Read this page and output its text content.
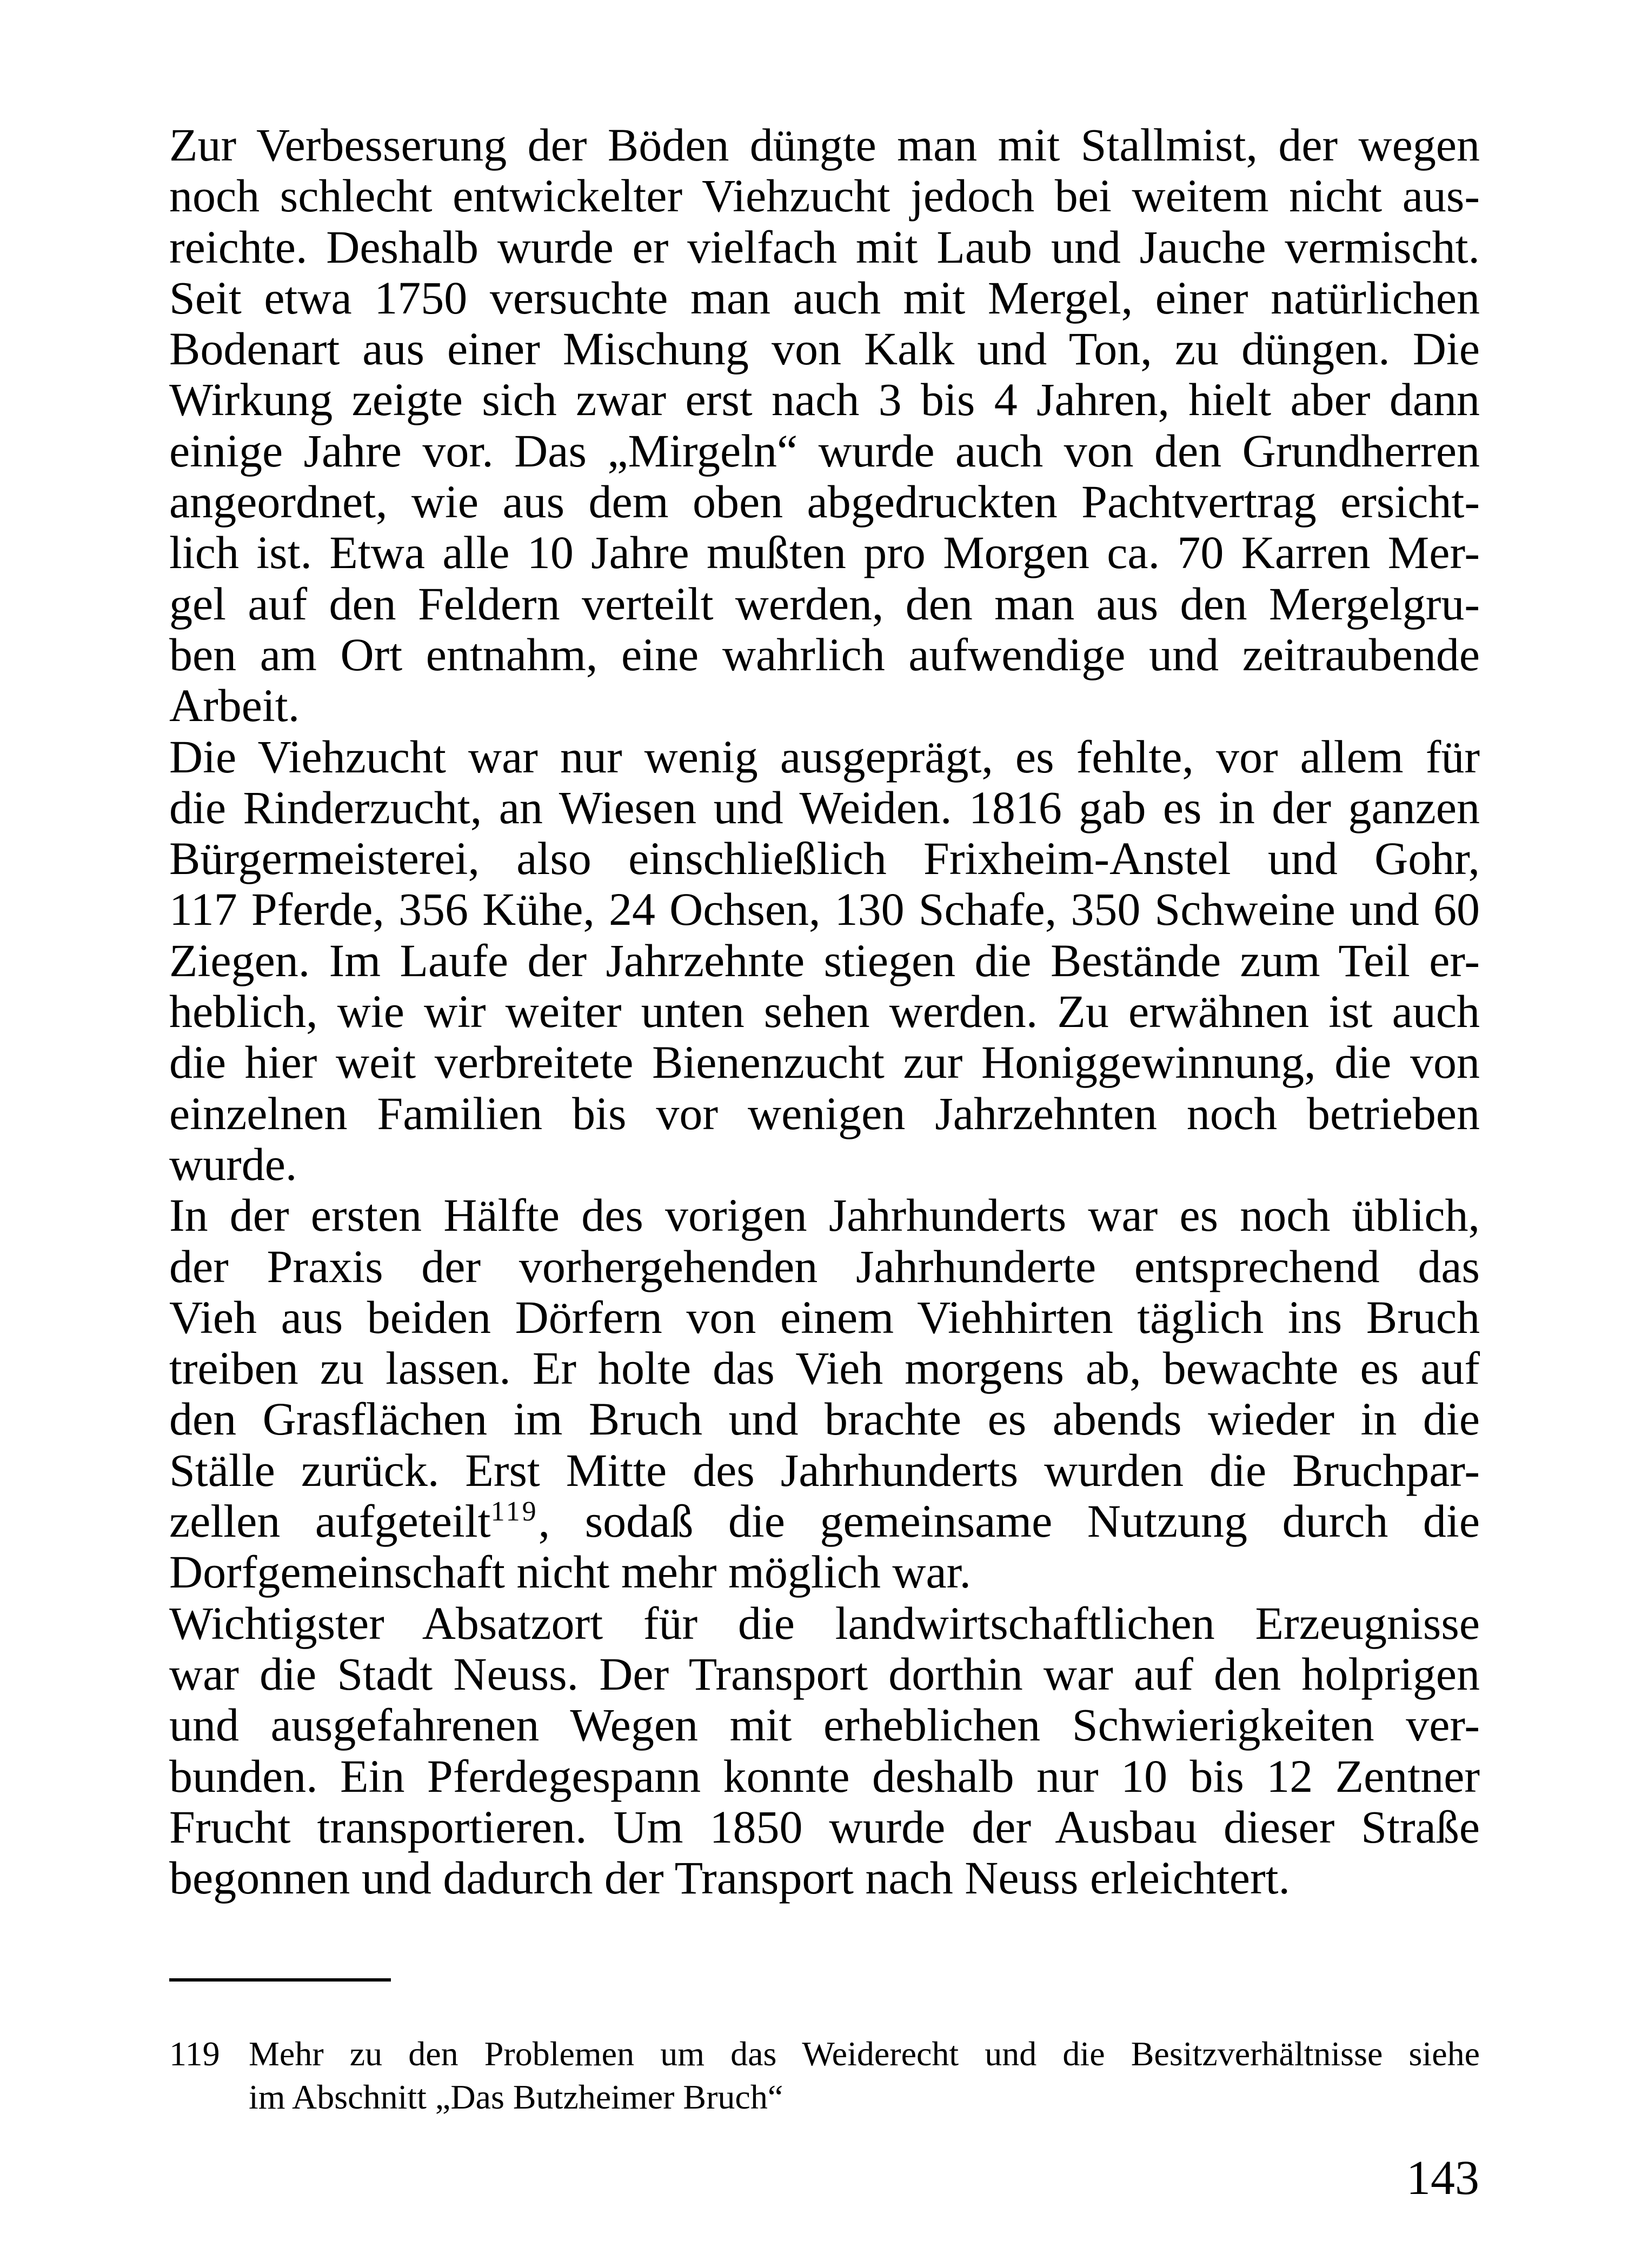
Zur Verbesserung der Böden düngte man mit Stallmist, der wegen
noch schlecht entwickelter Viehzucht jedoch bei weitem nicht aus-
reichte. Deshalb wurde er vielfach mit Laub und Jauche vermischt.
Seit etwa 1750 versuchte man auch mit Mergel, einer natürlichen
Bodenart aus einer Mischung von Kalk und Ton, zu düngen. Die
Wirkung zeigte sich zwar erst nach 3 bis 4 Jahren, hielt aber dann
einige Jahre vor. Das „Mirgeln“ wurde auch von den Grundherren
angeordnet, wie aus dem oben abgedruckten Pachtvertrag ersicht-
lich ist. Etwa alle 10 Jahre mußten pro Morgen ca. 70 Karren Mer-
gel auf den Feldern verteilt werden, den man aus den Mergelgru-
ben am Ort entnahm, eine wahrlich aufwendige und zeitraubende
Arbeit.
Die Viehzucht war nur wenig ausgeprägt, es fehlte, vor allem für
die Rinderzucht, an Wiesen und Weiden. 1816 gab es in der ganzen
Bürgermeisterei, also einschließlich Frixheim-Anstel und Gohr,
117 Pferde, 356 Kühe, 24 Ochsen, 130 Schafe, 350 Schweine und 60
Ziegen. Im Laufe der Jahrzehnte stiegen die Bestände zum Teil er-
heblich, wie wir weiter unten sehen werden. Zu erwähnen ist auch
die hier weit verbreitete Bienenzucht zur Honiggewinnung, die von
einzelnen Familien bis vor wenigen Jahrzehnten noch betrieben
wurde.
In der ersten Hälfte des vorigen Jahrhunderts war es noch üblich,
der Praxis der vorhergehenden Jahrhunderte entsprechend das
Vieh aus beiden Dörfern von einem Viehhirten täglich ins Bruch
treiben zu lassen. Er holte das Vieh morgens ab, bewachte es auf
den Grasflächen im Bruch und brachte es abends wieder in die
Ställe zurück. Erst Mitte des Jahrhunderts wurden die Bruchpar-
zellen aufgeteilt$^{119}$, sodaß die gemeinsame Nutzung durch die
Dorfgemeinschaft nicht mehr möglich war.
Wichtigster Absatzort für die landwirtschaftlichen Erzeugnisse
war die Stadt Neuss. Der Transport dorthin war auf den holprigen
und ausgefahrenen Wegen mit erheblichen Schwierigkeiten ver-
bunden. Ein Pferdegespann konnte deshalb nur 10 bis 12 Zentner
Frucht transportieren. Um 1850 wurde der Ausbau dieser Straße
begonnen und dadurch der Transport nach Neuss erleichtert.
119 Mehr zu den Problemen um das Weiderecht und die Besitzverhältnisse siehe
im Abschnitt „Das Butzheimer Bruch“
143
